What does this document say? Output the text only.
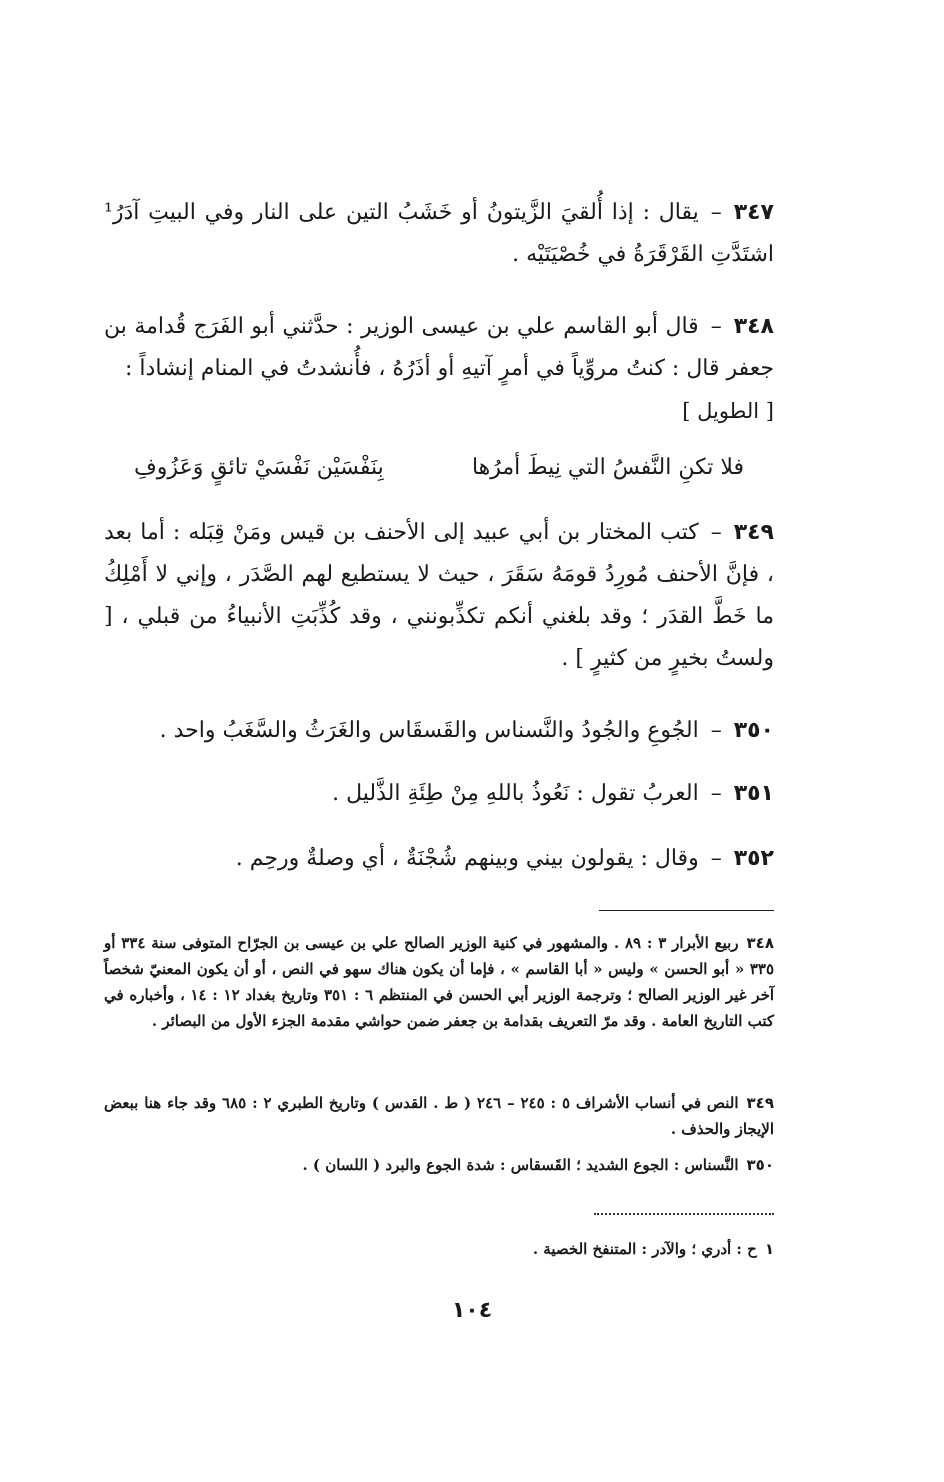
٣٤٧–يقال : إذا أُلقيَ الزَّيتونُ أو خَشَبُ التين على النار وفي البيتِ آدَرُ¹ اشتَدَّتِ القَرْقَرَةُ في خُصْيَتَيْه .
٣٤٨–قال أبو القاسم علي بن عيسى الوزير : حدَّثني أبو الفَرَج قُدامة بن جعفر قال : كنتُ مروِّياً في أمرٍ آتيهِ أو أذَرُهُ ، فأُنشدتُ في المنام إنشاداً :
[ الطويل ]
فلا تكنِ النَّفسُ التي نِيطَ أمرُها
بِنَفْسَيْن نَفْسَيْ تائقٍ وَعَزُوفِ
٣٤٩–كتب المختار بن أبي عبيد إلى الأحنف بن قيس ومَنْ قِبَله : أما بعد ، فإنَّ الأحنف مُورِدُ قومَهُ سَقَرَ ، حيث لا يستطيع لهم الصَّدَر ، وإني لا أَمْلِكُ ما خَطَّ القدَر ؛ وقد بلغني أنكم تكذِّبونني ، وقد كُذِّبَتِ الأنبياءُ من قبلي ، [ ولستُ بخيرٍ من كثيرٍ ] .
٣٥٠–الجُوعِ والجُودُ والنَّسناس والقَسقَاس والغَرَثُ والسَّغَبُ واحد .
٣٥١–العربُ تقول : نَعُوذُ باللهِ مِنْ طِئَةِ الذَّليل .
٣٥٢–وقال : يقولون بيني وبينهم شُجْنَةٌ ، أي وصلةٌ ورحِم .
٣٤٨ربيع الأبرار ٣ : ٨٩ . والمشهور في كنية الوزير الصالح علي بن عيسى بن الجرّاح المتوفى سنة ٣٣٤ أو ٣٣٥ « أبو الحسن » وليس « أبا القاسم » ، فإما أن يكون هناك سهو في النص ، أو أن يكون المعنيّ شخصاً آخر غير الوزير الصالح ؛ وترجمة الوزير أبي الحسن في المنتظم ٦ : ٣٥١ وتاريخ بغداد ١٢ : ١٤ ، وأخباره في كتب التاريخ العامة . وقد مرّ التعريف بقدامة بن جعفر ضمن حواشي مقدمة الجزء الأول من البصائر .
٣٤٩النص في أنساب الأشراف ٥ : ٢٤٥ – ٢٤٦ ( ط . القدس ) وتاريخ الطبري ٢ : ٦٨٥ وقد جاء هنا ببعض الإيجاز والحذف .
٣٥٠النَّسناس : الجوع الشديد ؛ القَسقاس : شدة الجوع والبرد ( اللسان ) .
١ح : أدري ؛ والآدر : المتنفخ الخصية .
١٠٤
